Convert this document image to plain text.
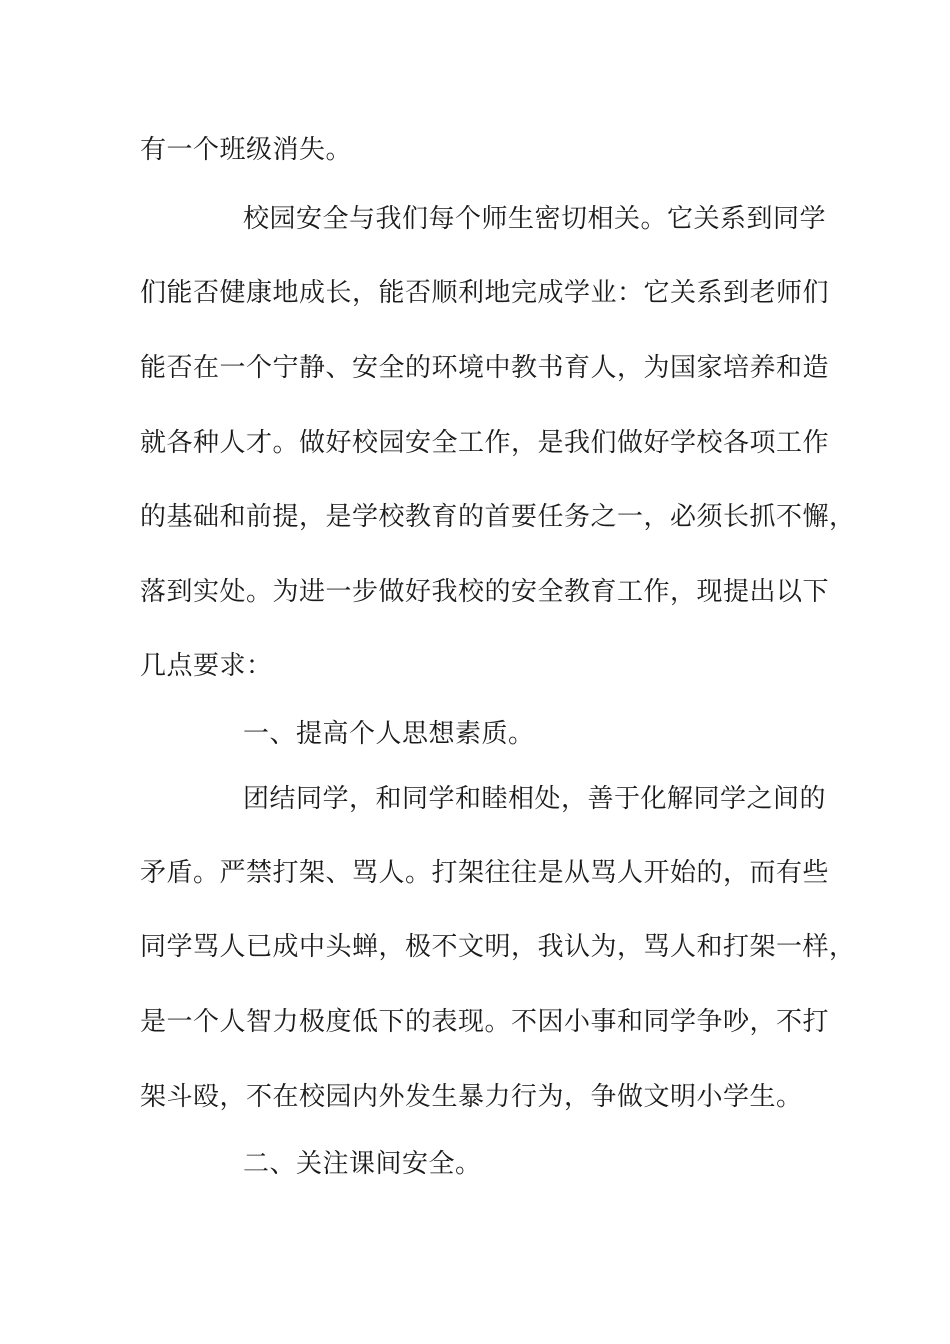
有一个班级消失。
校园安全与我们每个师生密切相关。它关系到同学
们能否健康地成长，能否顺利地完成学业：它关系到老师们
能否在一个宁静、安全的环境中教书育人，为国家培养和造
就各种人才。做好校园安全工作，是我们做好学校各项工作
的基础和前提，是学校教育的首要任务之一，必须长抓不懈，
落到实处。为进一步做好我校的安全教育工作，现提出以下
几点要求：
一、提高个人思想素质。
团结同学，和同学和睦相处，善于化解同学之间的
矛盾。严禁打架、骂人。打架往往是从骂人开始的，而有些
同学骂人已成中头蝉，极不文明，我认为，骂人和打架一样，
是一个人智力极度低下的表现。不因小事和同学争吵，不打
架斗殴，不在校园内外发生暴力行为，争做文明小学生。
二、关注课间安全。
